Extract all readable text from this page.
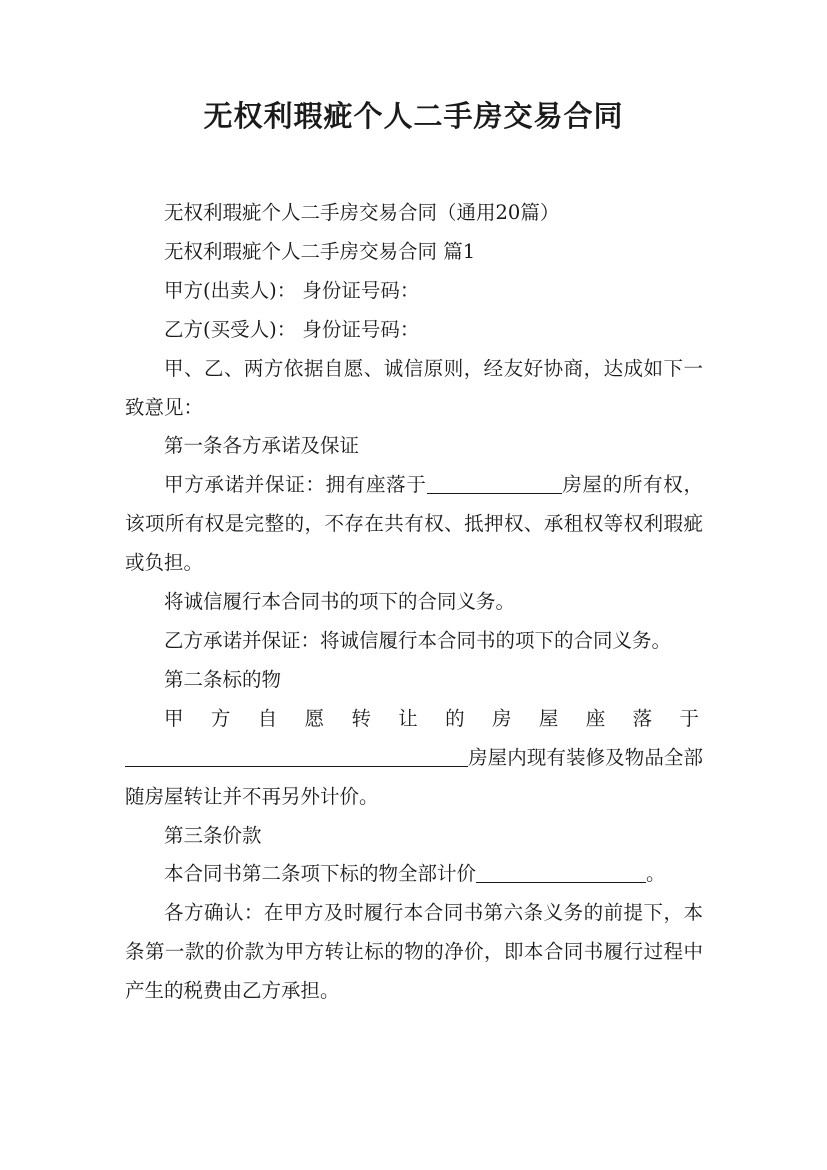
无权利瑕疵个人二手房交易合同

无权利瑕疵个人二手房交易合同（通用20篇）

无权利瑕疵个人二手房交易合同 篇1

甲方(出卖人)： 身份证号码：

乙方(买受人)： 身份证号码：

甲、乙、两方依据自愿、诚信原则，经友好协商，达成如下一致意见：

第一条各方承诺及保证

甲方承诺并保证：拥有座落于	房屋的所有权，该项所有权是完整的，不存在共有权、抵押权、承租权等权利瑕疵或负担。

将诚信履行本合同书的项下的合同义务。

乙方承诺并保证：将诚信履行本合同书的项下的合同义务。

第二条标的物

甲 方 自 愿 转 让 的 房 屋 座 落 于

房屋内现有装修及物品全部随房屋转让并不再另外计价。

第三条价款

本合同书第二条项下标的物全部计价	。

各方确认：在甲方及时履行本合同书第六条义务的前提下，本条第一款的价款为甲方转让标的物的净价，即本合同书履行过程中产生的税费由乙方承担。
